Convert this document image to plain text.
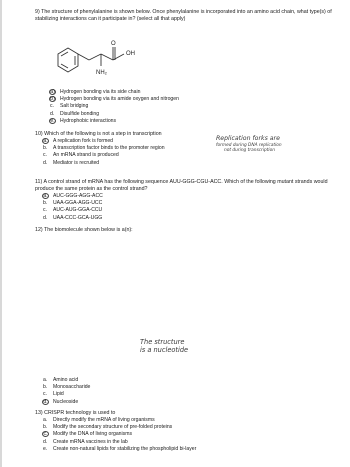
9) The structure of phenylalanine is shown below. Once phenylalanine is incorporated into an amino acid chain, what type(s) of stabilizing interactions can it participate in? (select all that apply)

O
OH
NH₂
a)	Hydrogen bonding via its side chain
b)	Hydrogen bonding via its amide oxygen and nitrogen
c.	Salt bridging
d.	Disulfide bonding
e.	Hydrophobic interactions

10) Which of the following is not a step in transcription

a.	A replication fork is formed
b.	A transcription factor binds to the promoter region
c.	An mRNA strand is produced
d.	Mediator is recruited
Replication forks are
formed during DNA replication
not during transcription

11) A control strand of mRNA has the following sequence AUU-GGG-CGU-ACC. Which of the following mutant strands would produce the same protein as the control strand?

a.	AUC-GGG-AGG-ACC
b.	UAA-GGA-AGG-UCC
c.	AUC-AUG-GGA-CCU
d.	UAA-CCC-GCA-UGG

12) The biomolecule shown below is a(n):

The structure
is a nucleotide
a.	Amino acid
b.	Monosaccharide
c.	Lipid
d.	Nucleoside

13) CRISPR technology is used to

a.	Directly modify the mRNA of living organisms
b.	Modify the secondary structure of pre-folded proteins
c.	Modify the DNA of living organisms
d.	Create mRNA vaccines in the lab
e.	Create non-natural lipids for stabilizing the phospholipid bi-layer
